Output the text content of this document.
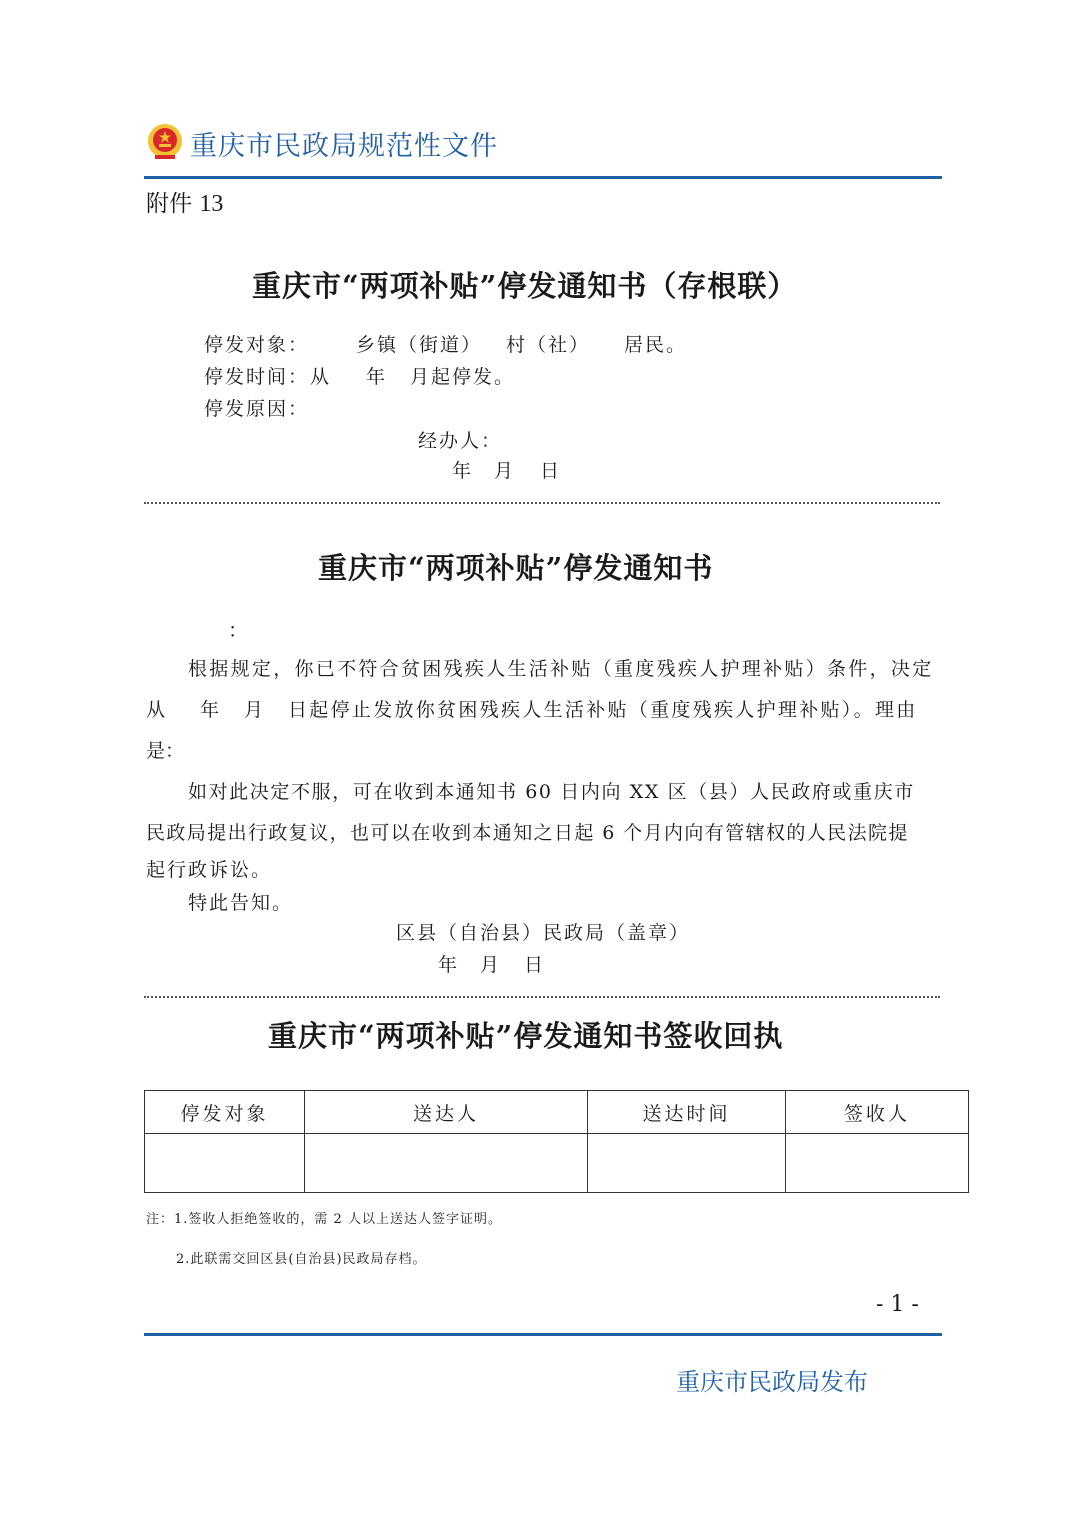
重庆市民政局规范性文件
附件 13
重庆市“两项补贴”停发通知书（存根联）
停发对象： 乡镇（街道） 村（社） 居民。
停发时间： 从 年 月起停发。
停发原因：
经办人：
年 月 日
重庆市“两项补贴”停发通知书
：
根据规定，你已不符合贫困残疾人生活补贴（重度残疾人护理补贴）条件，决定
从 年 月 日起停止发放你贫困残疾人生活补贴（重度残疾人护理补贴）。理由
是：
如对此决定不服，可在收到本通知书 60 日内向 XX 区（县）人民政府或重庆市
民政局提出行政复议，也可以在收到本通知之日起 6 个月内向有管辖权的人民法院提
起行政诉讼。
特此告知。
区县（自治县）民政局（盖章）
年 月 日
重庆市“两项补贴”停发通知书签收回执
停发对象	送达人	送达时间	签收人

注：1.签收人拒绝签收的，需 2 人以上送达人签字证明。
2.此联需交回区县(自治县)民政局存档。
- 1 -
重庆市民政局发布
